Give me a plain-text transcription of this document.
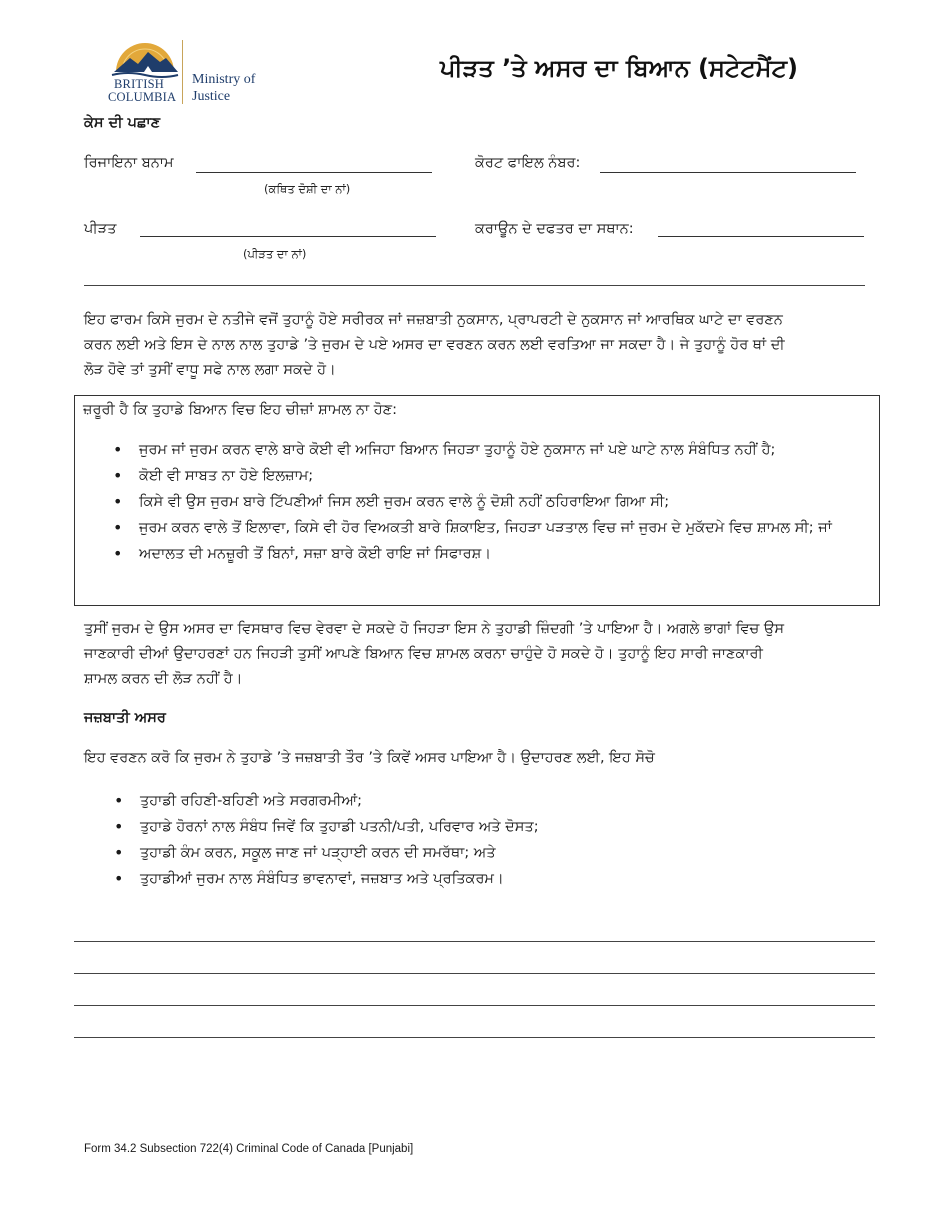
BRITISH
COLUMBIA
Ministry of
Justice
ਪੀੜਤ ’ਤੇ ਅਸਰ ਦਾ ਬਿਆਨ (ਸਟੇਟਮੈਂਟ)
ਕੇਸ ਦੀ ਪਛਾਣ
ਰਿਜਾਇਨਾ ਬਨਾਮ
(ਕਥਿਤ ਦੋਸ਼ੀ ਦਾ ਨਾਂ)
ਕੋਰਟ ਫਾਇਲ ਨੰਬਰ:
ਪੀੜਤ
(ਪੀੜਤ ਦਾ ਨਾਂ)
ਕਰਾਊਨ ਦੇ ਦਫਤਰ ਦਾ ਸਥਾਨ:
ਇਹ ਫਾਰਮ ਕਿਸੇ ਜੁਰਮ ਦੇ ਨਤੀਜੇ ਵਜੋਂ ਤੁਹਾਨੂੰ ਹੋਏ ਸਰੀਰਕ ਜਾਂ ਜਜ਼ਬਾਤੀ ਨੁਕਸਾਨ, ਪ੍ਰਾਪਰਟੀ ਦੇ ਨੁਕਸਾਨ ਜਾਂ ਆਰਥਿਕ ਘਾਟੇ ਦਾ ਵਰਣਨ
ਕਰਨ ਲਈ ਅਤੇ ਇਸ ਦੇ ਨਾਲ ਨਾਲ ਤੁਹਾਡੇ ’ਤੇ ਜੁਰਮ ਦੇ ਪਏ ਅਸਰ ਦਾ ਵਰਣਨ ਕਰਨ ਲਈ ਵਰਤਿਆ ਜਾ ਸਕਦਾ ਹੈ। ਜੇ ਤੁਹਾਨੂੰ ਹੋਰ ਥਾਂ ਦੀ
ਲੋੜ ਹੋਵੇ ਤਾਂ ਤੁਸੀਂ ਵਾਧੂ ਸਫੇ ਨਾਲ ਲਗਾ ਸਕਦੇ ਹੋ।
ਜ਼ਰੂਰੀ ਹੈ ਕਿ ਤੁਹਾਡੇ ਬਿਆਨ ਵਿਚ ਇਹ ਚੀਜ਼ਾਂ ਸ਼ਾਮਲ ਨਾ ਹੋਣ:
• ਜੁਰਮ ਜਾਂ ਜੁਰਮ ਕਰਨ ਵਾਲੇ ਬਾਰੇ ਕੋਈ ਵੀ ਅਜਿਹਾ ਬਿਆਨ ਜਿਹੜਾ ਤੁਹਾਨੂੰ ਹੋਏ ਨੁਕਸਾਨ ਜਾਂ ਪਏ ਘਾਟੇ ਨਾਲ ਸੰਬੰਧਿਤ ਨਹੀਂ ਹੈ;
• ਕੋਈ ਵੀ ਸਾਬਤ ਨਾ ਹੋਏ ਇਲਜ਼ਾਮ;
• ਕਿਸੇ ਵੀ ਉਸ ਜੁਰਮ ਬਾਰੇ ਟਿੱਪਣੀਆਂ ਜਿਸ ਲਈ ਜੁਰਮ ਕਰਨ ਵਾਲੇ ਨੂੰ ਦੋਸ਼ੀ ਨਹੀਂ ਠਹਿਰਾਇਆ ਗਿਆ ਸੀ;
• ਜੁਰਮ ਕਰਨ ਵਾਲੇ ਤੋਂ ਇਲਾਵਾ, ਕਿਸੇ ਵੀ ਹੋਰ ਵਿਅਕਤੀ ਬਾਰੇ ਸ਼ਿਕਾਇਤ, ਜਿਹੜਾ ਪੜਤਾਲ ਵਿਚ ਜਾਂ ਜੁਰਮ ਦੇ ਮੁਕੱਦਮੇ ਵਿਚ ਸ਼ਾਮਲ ਸੀ; ਜਾਂ
• ਅਦਾਲਤ ਦੀ ਮਨਜ਼ੂਰੀ ਤੋਂ ਬਿਨਾਂ, ਸਜ਼ਾ ਬਾਰੇ ਕੋਈ ਰਾਇ ਜਾਂ ਸਿਫਾਰਸ਼।
ਤੁਸੀਂ ਜੁਰਮ ਦੇ ਉਸ ਅਸਰ ਦਾ ਵਿਸਥਾਰ ਵਿਚ ਵੇਰਵਾ ਦੇ ਸਕਦੇ ਹੋ ਜਿਹੜਾ ਇਸ ਨੇ ਤੁਹਾਡੀ ਜ਼ਿੰਦਗੀ ’ਤੇ ਪਾਇਆ ਹੈ। ਅਗਲੇ ਭਾਗਾਂ ਵਿਚ ਉਸ
ਜਾਣਕਾਰੀ ਦੀਆਂ ਉਦਾਹਰਣਾਂ ਹਨ ਜਿਹੜੀ ਤੁਸੀਂ ਆਪਣੇ ਬਿਆਨ ਵਿਚ ਸ਼ਾਮਲ ਕਰਨਾ ਚਾਹੁੰਦੇ ਹੋ ਸਕਦੇ ਹੋ। ਤੁਹਾਨੂੰ ਇਹ ਸਾਰੀ ਜਾਣਕਾਰੀ
ਸ਼ਾਮਲ ਕਰਨ ਦੀ ਲੋੜ ਨਹੀਂ ਹੈ।
ਜਜ਼ਬਾਤੀ ਅਸਰ
ਇਹ ਵਰਣਨ ਕਰੋ ਕਿ ਜੁਰਮ ਨੇ ਤੁਹਾਡੇ ’ਤੇ ਜਜ਼ਬਾਤੀ ਤੌਰ ’ਤੇ ਕਿਵੇਂ ਅਸਰ ਪਾਇਆ ਹੈ। ਉਦਾਹਰਣ ਲਈ, ਇਹ ਸੋਚੋ
• ਤੁਹਾਡੀ ਰਹਿਣੀ-ਬਹਿਣੀ ਅਤੇ ਸਰਗਰਮੀਆਂ;
• ਤੁਹਾਡੇ ਹੋਰਨਾਂ ਨਾਲ ਸੰਬੰਧ ਜਿਵੇਂ ਕਿ ਤੁਹਾਡੀ ਪਤਨੀ/ਪਤੀ, ਪਰਿਵਾਰ ਅਤੇ ਦੋਸਤ;
• ਤੁਹਾਡੀ ਕੰਮ ਕਰਨ, ਸਕੂਲ ਜਾਣ ਜਾਂ ਪੜ੍ਹਾਈ ਕਰਨ ਦੀ ਸਮਰੱਥਾ; ਅਤੇ
• ਤੁਹਾਡੀਆਂ ਜੁਰਮ ਨਾਲ ਸੰਬੰਧਿਤ ਭਾਵਨਾਵਾਂ, ਜਜ਼ਬਾਤ ਅਤੇ ਪ੍ਰਤਿਕਰਮ।
Form 34.2 Subsection 722(4) Criminal Code of Canada [Punjabi]
